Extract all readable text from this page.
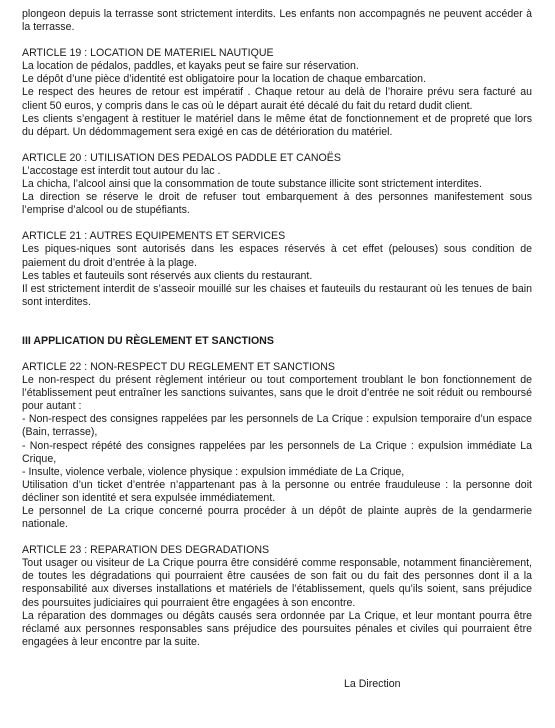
plongeon depuis la terrasse sont strictement interdits. Les enfants non accompagnés ne peuvent accéder à la terrasse.

ARTICLE 19 : LOCATION DE MATERIEL NAUTIQUE

La location de pédalos, paddles, et kayaks peut se faire sur réservation.

Le dépôt d’une pièce d’identité est obligatoire pour la location de chaque embarcation.

Le respect des heures de retour est impératif . Chaque retour au delà de l’horaire prévu sera facturé au client 50 euros, y compris dans le cas où le départ aurait été décalé du fait du retard dudit client.

Les clients s’engagent à restituer le matériel dans le même état de fonctionnement et de propreté que lors du départ. Un dédommagement sera exigé en cas de détérioration du matériel.

ARTICLE 20 : UTILISATION DES PEDALOS PADDLE ET CANOËS

L’accostage est interdit tout autour du lac .

La chicha, l’alcool ainsi que la consommation de toute substance illicite sont strictement interdites.

La direction se réserve le droit de refuser tout embarquement à des personnes manifestement sous l’emprise d’alcool ou de stupéfiants.

ARTICLE 21 : AUTRES EQUIPEMENTS ET SERVICES

Les piques-niques sont autorisés dans les espaces réservés à cet effet (pelouses) sous condition de paiement du droit d’entrée à la plage.

Les tables et fauteuils sont réservés aux clients du restaurant.

Il est strictement interdit de s’asseoir mouillé sur les chaises et fauteuils du restaurant où les tenues de bain sont interdites.

III APPLICATION DU RÈGLEMENT ET SANCTIONS

ARTICLE 22 : NON-RESPECT DU REGLEMENT ET SANCTIONS

Le non-respect du présent règlement intérieur ou tout comportement troublant le bon fonctionnement de l’établissement peut entraîner les sanctions suivantes, sans que le droit d’entrée ne soit réduit ou remboursé pour autant :

- Non-respect des consignes rappelées par les personnels de La Crique : expulsion temporaire d’un espace (Bain, terrasse),

- Non-respect répété des consignes rappelées par les personnels de La Crique : expulsion immédiate La Crique,

- Insulte, violence verbale, violence physique : expulsion immédiate de La Crique,

Utilisation d’un ticket d’entrée n’appartenant pas à la personne ou entrée frauduleuse : la personne doit décliner son identité et sera expulsée immédiatement.

Le personnel de La crique concerné pourra procéder à un dépôt de plainte auprès de la gendarmerie nationale.

ARTICLE 23 : REPARATION DES DEGRADATIONS

Tout usager ou visiteur de La Crique pourra être considéré comme responsable, notamment financièrement, de toutes les dégradations qui pourraient être causées de son fait ou du fait des personnes dont il a la responsabilité aux diverses installations et matériels de l’établissement, quels qu’ils soient, sans préjudice des poursuites judiciaires qui pourraient être engagées à son encontre.

La réparation des dommages ou dégâts causés sera ordonnée par La Crique, et leur montant pourra être réclamé aux personnes responsables sans préjudice des poursuites pénales et civiles qui pourraient être engagées à leur encontre par la suite.

La Direction
